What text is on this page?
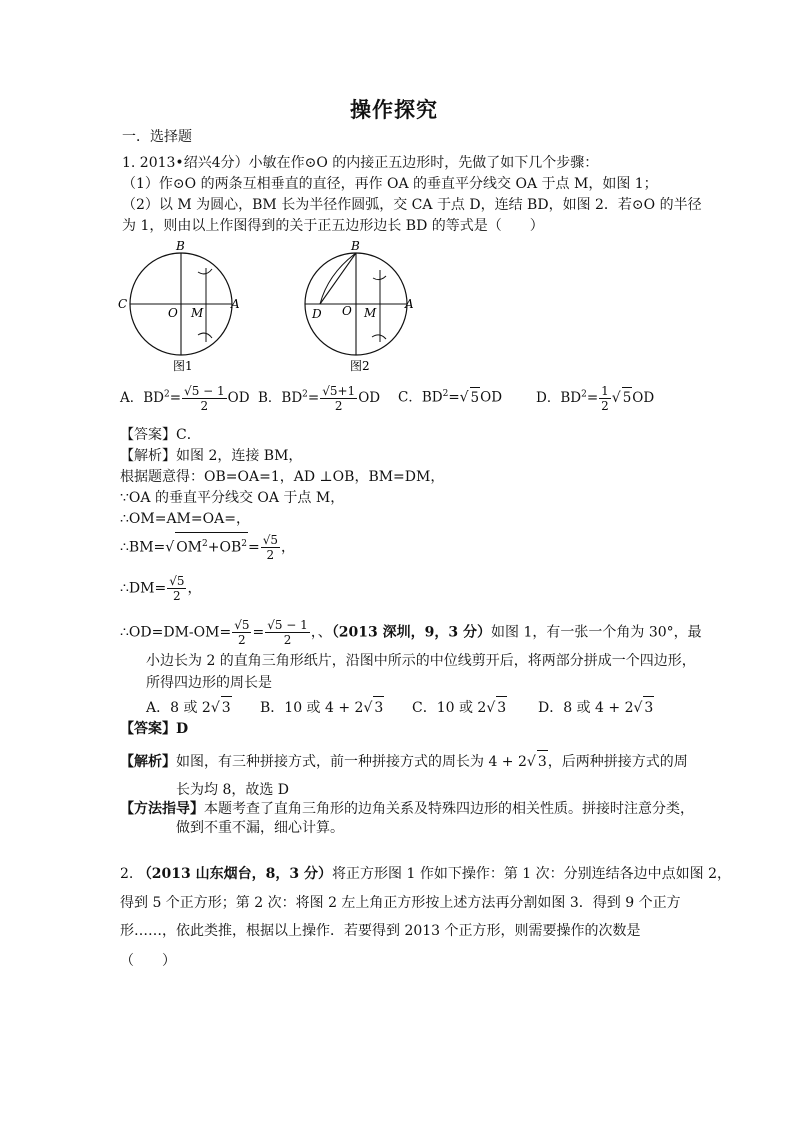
操作探究
一．选择题
1. 2013•绍兴4分）小敏在作⊙O 的内接正五边形时，先做了如下几个步骤：
（1）作⊙O 的两条互相垂直的直径，再作 OA 的垂直平分线交 OA 于点 M，如图 1；
（2）以 M 为圆心，BM 长为半径作圆弧，交 CA 于点 D，连结 BD，如图 2．若⊙O 的半径
为 1，则由以上作图得到的关于正五边形边长 BD 的等式是（　　）
B
C
O M
A
图1
B
D O M
A
图2
A．$BD^2= \frac{√5 - 1}{2}$ OD B．$BD^2= \frac{√5+1}{2}$ OD C．$BD^2=√$ 5OD	D．$BD^2= \frac{1}{2}$ √ 5OD
【答案】C．
【解析】如图 2，连接 BM，
根据题意得：OB=OA=1，AD ⊥OB，BM=DM，
∵OA 的垂直平分线交 OA 于点 M，
∴OM=AM=OA=，
∴BM=√ $OM^2+OB^2= \frac{√5}{2}$ ，
∴DM= $\frac{√5}{2}$ ，
∴OD=DM-OM= $\frac{√5}{2} = \frac{√5 - 1}{2}$ ，、（2013 深圳，9，3 分）如图 1，有一张一个角为 30°，最
小边长为 2 的直角三角形纸片，沿图中所示的中位线剪开后，将两部分拼成一个四边形，
所得四边形的周长是
A．8 或 2√ 3 B．10 或 4 + 2√ 3 C．10 或 2√ 3 D．8 或 4 + 2√ 3
【答案】D
【解析】如图，有三种拼接方式，前一种拼接方式的周长为 4 + 2√ 3，后两种拼接方式的周
长为均 8，故选 D
【方法指导】本题考查了直角三角形的边角关系及特殊四边形的相关性质。拼接时注意分类，
做到不重不漏，细心计算。
2. （2013 山东烟台，8，3 分）将正方形图 1 作如下操作：第 1 次：分别连结各边中点如图 2，
得到 5 个正方形；第 2 次：将图 2 左上角正方形按上述方法再分割如图 3．得到 9 个正方
形……，依此类推，根据以上操作．若要得到 2013 个正方形，则需要操作的次数是
（　　）
